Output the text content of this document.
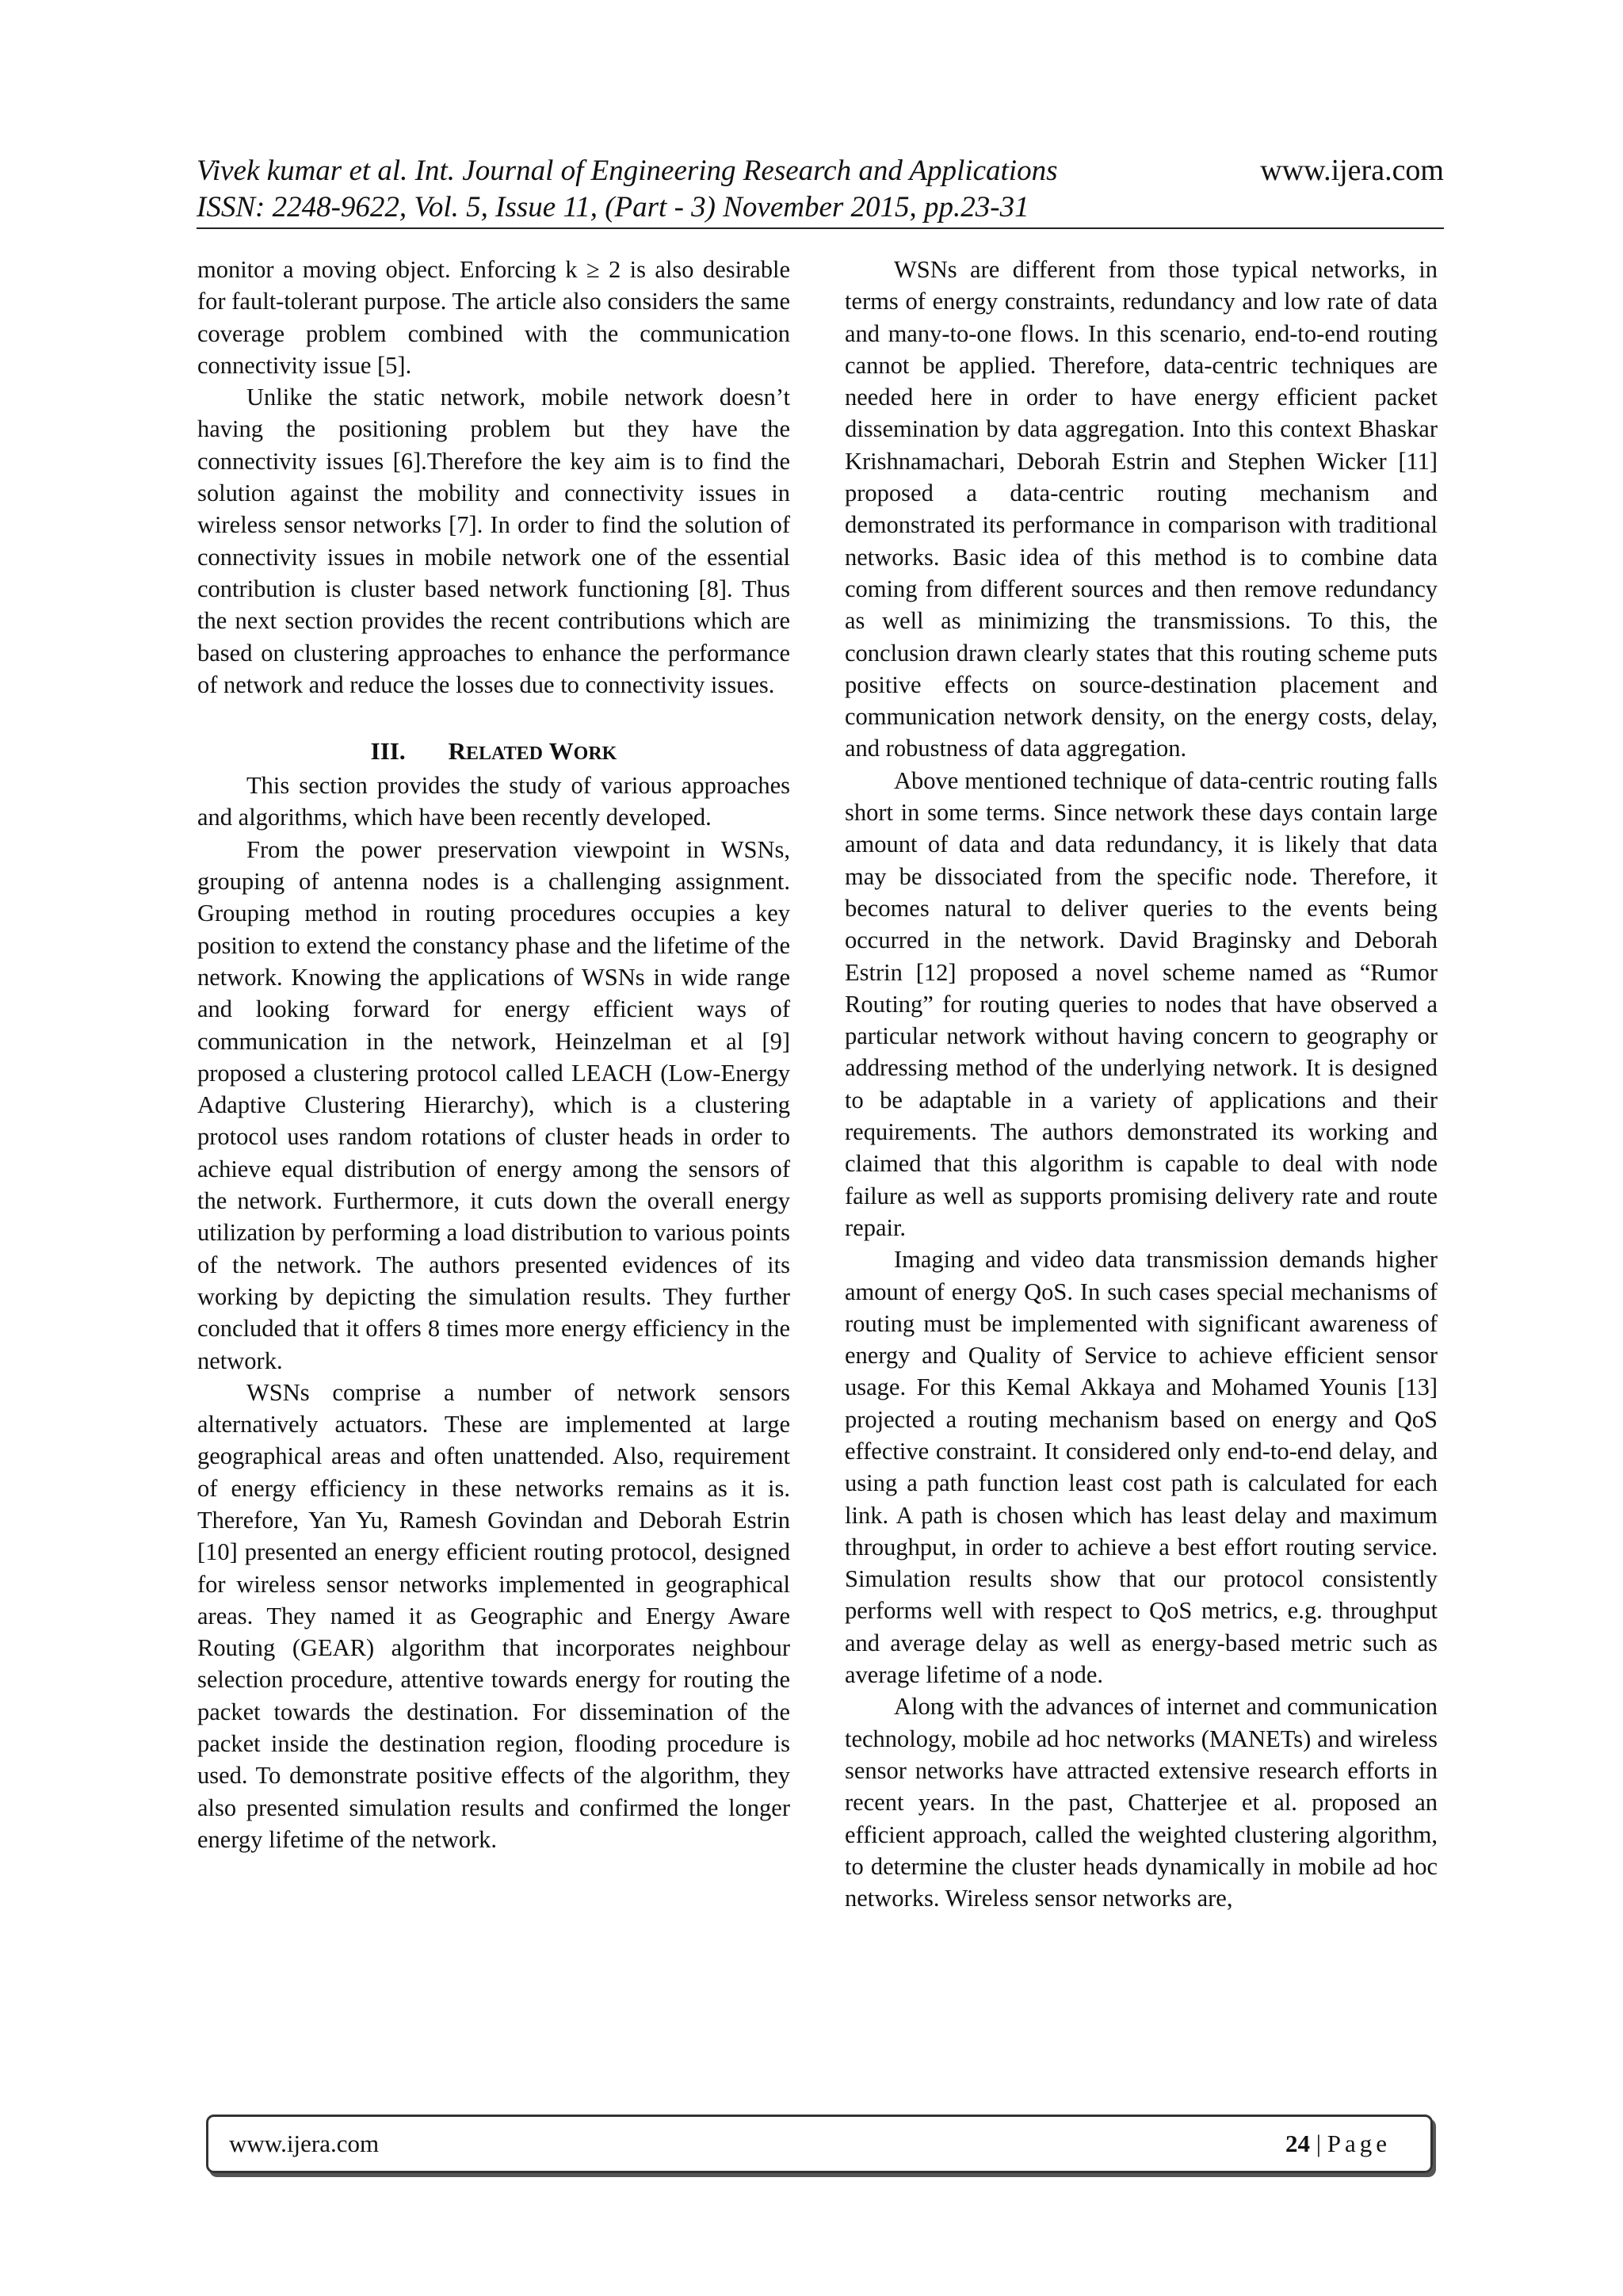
Vivek kumar et al. Int. Journal of Engineering Research and Applications	www.ijera.com
ISSN: 2248-9622, Vol. 5, Issue 11, (Part - 3) November 2015, pp.23-31

monitor a moving object. Enforcing k ≥ 2 is also desirable for fault-tolerant purpose. The article also considers the same coverage problem combined with the communication connectivity issue [5].

Unlike the static network, mobile network doesn’t having the positioning problem but they have the connectivity issues [6].Therefore the key aim is to find the solution against the mobility and connectivity issues in wireless sensor networks [7]. In order to find the solution of connectivity issues in mobile network one of the essential contribution is cluster based network functioning [8]. Thus the next section provides the recent contributions which are based on clustering approaches to enhance the performance of network and reduce the losses due to connectivity issues.

III. RELATED WORK

This section provides the study of various approaches and algorithms, which have been recently developed.

From the power preservation viewpoint in WSNs, grouping of antenna nodes is a challenging assignment. Grouping method in routing procedures occupies a key position to extend the constancy phase and the lifetime of the network. Knowing the applications of WSNs in wide range and looking forward for energy efficient ways of communication in the network, Heinzelman et al [9] proposed a clustering protocol called LEACH (Low-Energy Adaptive Clustering Hierarchy), which is a clustering protocol uses random rotations of cluster heads in order to achieve equal distribution of energy among the sensors of the network. Furthermore, it cuts down the overall energy utilization by performing a load distribution to various points of the network. The authors presented evidences of its working by depicting the simulation results. They further concluded that it offers 8 times more energy efficiency in the network.

WSNs comprise a number of network sensors alternatively actuators. These are implemented at large geographical areas and often unattended. Also, requirement of energy efficiency in these networks remains as it is. Therefore, Yan Yu, Ramesh Govindan and Deborah Estrin [10] presented an energy efficient routing protocol, designed for wireless sensor networks implemented in geographical areas. They named it as Geographic and Energy Aware Routing (GEAR) algorithm that incorporates neighbour selection procedure, attentive towards energy for routing the packet towards the destination. For dissemination of the packet inside the destination region, flooding procedure is used. To demonstrate positive effects of the algorithm, they also presented simulation results and confirmed the longer energy lifetime of the network.

WSNs are different from those typical networks, in terms of energy constraints, redundancy and low rate of data and many-to-one flows. In this scenario, end-to-end routing cannot be applied. Therefore, data-centric techniques are needed here in order to have energy efficient packet dissemination by data aggregation. Into this context Bhaskar Krishnamachari, Deborah Estrin and Stephen Wicker [11] proposed a data-centric routing mechanism and demonstrated its performance in comparison with traditional networks. Basic idea of this method is to combine data coming from different sources and then remove redundancy as well as minimizing the transmissions. To this, the conclusion drawn clearly states that this routing scheme puts positive effects on source-destination placement and communication network density, on the energy costs, delay, and robustness of data aggregation.

Above mentioned technique of data-centric routing falls short in some terms. Since network these days contain large amount of data and data redundancy, it is likely that data may be dissociated from the specific node. Therefore, it becomes natural to deliver queries to the events being occurred in the network. David Braginsky and Deborah Estrin [12] proposed a novel scheme named as “Rumor Routing” for routing queries to nodes that have observed a particular network without having concern to geography or addressing method of the underlying network. It is designed to be adaptable in a variety of applications and their requirements. The authors demonstrated its working and claimed that this algorithm is capable to deal with node failure as well as supports promising delivery rate and route repair.

Imaging and video data transmission demands higher amount of energy QoS. In such cases special mechanisms of routing must be implemented with significant awareness of energy and Quality of Service to achieve efficient sensor usage. For this Kemal Akkaya and Mohamed Younis [13] projected a routing mechanism based on energy and QoS effective constraint. It considered only end-to-end delay, and using a path function least cost path is calculated for each link. A path is chosen which has least delay and maximum throughput, in order to achieve a best effort routing service. Simulation results show that our protocol consistently performs well with respect to QoS metrics, e.g. throughput and average delay as well as energy-based metric such as average lifetime of a node.

Along with the advances of internet and communication technology, mobile ad hoc networks (MANETs) and wireless sensor networks have attracted extensive research efforts in recent years. In the past, Chatterjee et al. proposed an efficient approach, called the weighted clustering algorithm, to determine the cluster heads dynamically in mobile ad hoc networks. Wireless sensor networks are,

www.ijera.com	24 | Page
